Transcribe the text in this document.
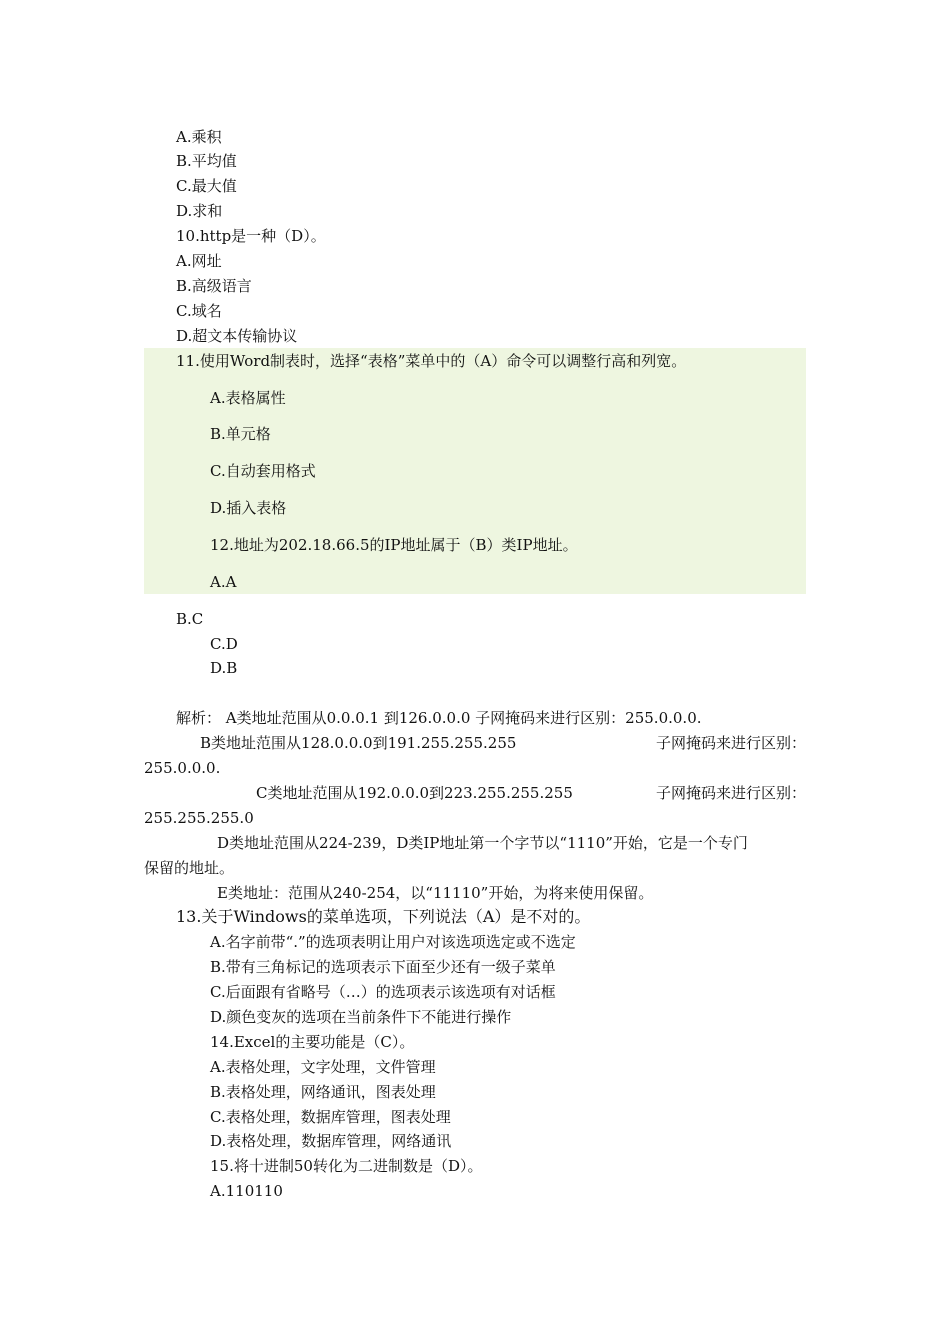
A.乘积
B.平均值
C.最大值
D.求和
10.http是一种（D）。
A.网址
B.高级语言
C.域名
D.超文本传输协议
11.使用Word制表时，选择“表格”菜单中的（A）命令可以调整行高和列宽。
A.表格属性
B.单元格
C.自动套用格式
D.插入表格
12.地址为202.18.66.5的IP地址属于（B）类IP地址。
A.A
B.C
C.D
D.B
解析： A类地址范围从0.0.0.1 到126.0.0.0 子网掩码来进行区别：255.0.0.0.
B类地址范围从128.0.0.0到191.255.255.255	子网掩码来进行区别：
255.0.0.0.
C类地址范围从192.0.0.0到223.255.255.255	子网掩码来进行区别：
255.255.255.0
D类地址范围从224-239，D类IP地址第一个字节以“1110”开始，它是一个专门
保留的地址。
E类地址：范围从240-254，以“11110”开始，为将来使用保留。
13.关于Windows的菜单选项，下列说法（A）是不对的。
A.名字前带“.”的选项表明让用户对该选项选定或不选定
B.带有三角标记的选项表示下面至少还有一级子菜单
C.后面跟有省略号（…）的选项表示该选项有对话框
D.颜色变灰的选项在当前条件下不能进行操作
14.Excel的主要功能是（C）。
A.表格处理，文字处理，文件管理
B.表格处理，网络通讯，图表处理
C.表格处理，数据库管理，图表处理
D.表格处理，数据库管理，网络通讯
15.将十进制50转化为二进制数是（D）。
A.110110
